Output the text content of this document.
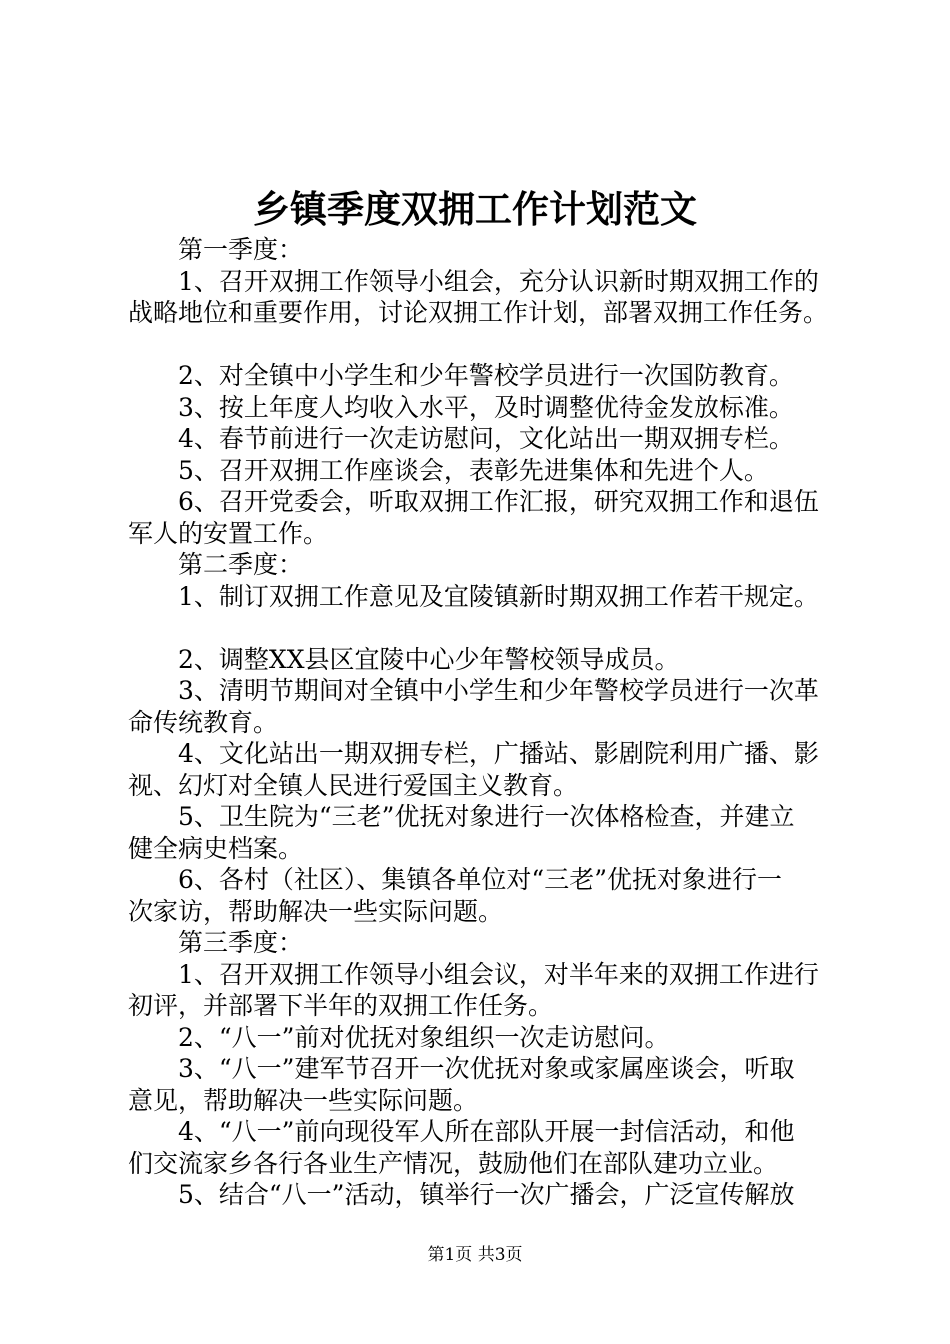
乡镇季度双拥工作计划范文
第一季度：
1、召开双拥工作领导小组会，充分认识新时期双拥工作的
战略地位和重要作用，讨论双拥工作计划，部署双拥工作任务。
2、对全镇中小学生和少年警校学员进行一次国防教育。
3、按上年度人均收入水平，及时调整优待金发放标准。
4、春节前进行一次走访慰问，文化站出一期双拥专栏。
5、召开双拥工作座谈会，表彰先进集体和先进个人。
6、召开党委会，听取双拥工作汇报，研究双拥工作和退伍
军人的安置工作。
第二季度：
1、制订双拥工作意见及宜陵镇新时期双拥工作若干规定。
2、调整XX县区宜陵中心少年警校领导成员。
3、清明节期间对全镇中小学生和少年警校学员进行一次革
命传统教育。
4、文化站出一期双拥专栏，广播站、影剧院利用广播、影
视、幻灯对全镇人民进行爱国主义教育。
5、卫生院为“三老”优抚对象进行一次体格检查，并建立
健全病史档案。
6、各村（社区）、集镇各单位对“三老”优抚对象进行一
次家访，帮助解决一些实际问题。
第三季度：
1、召开双拥工作领导小组会议，对半年来的双拥工作进行
初评，并部署下半年的双拥工作任务。
2、“八一”前对优抚对象组织一次走访慰问。
3、“八一”建军节召开一次优抚对象或家属座谈会，听取
意见，帮助解决一些实际问题。
4、“八一”前向现役军人所在部队开展一封信活动，和他
们交流家乡各行各业生产情况，鼓励他们在部队建功立业。
5、结合“八一”活动，镇举行一次广播会，广泛宣传解放
第1页 共3页
